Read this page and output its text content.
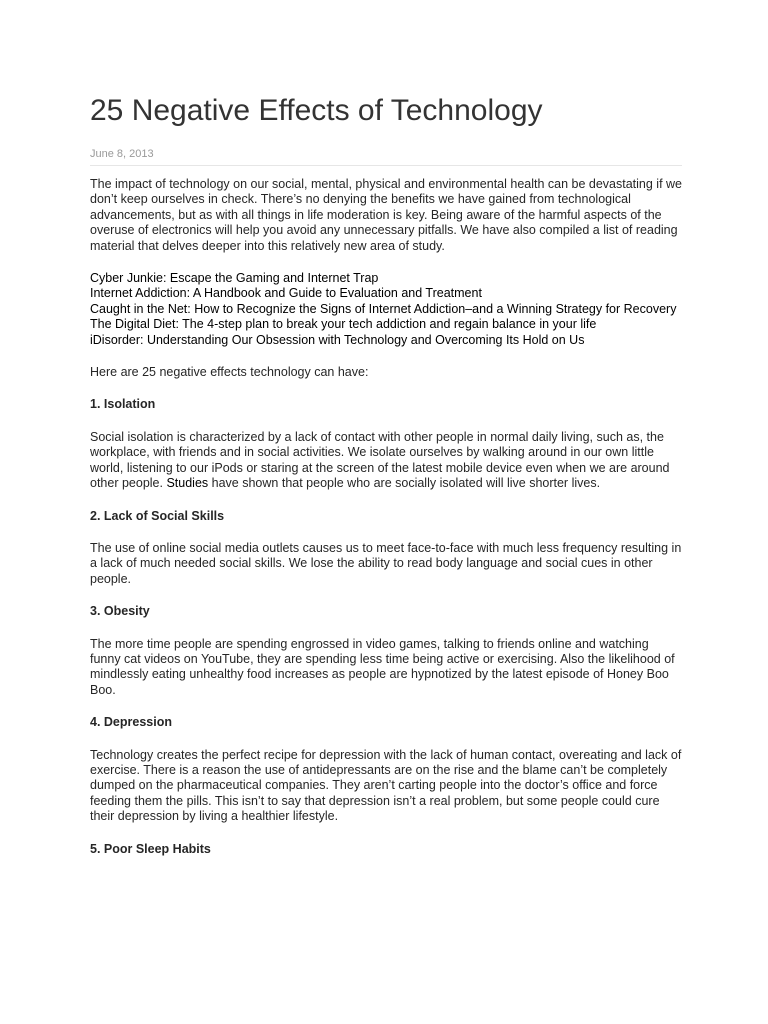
25 Negative Effects of Technology
June 8, 2013

The impact of technology on our social, mental, physical and environmental health can be devastating if we don’t keep ourselves in check. There’s no denying the benefits we have gained from technological advancements, but as with all things in life moderation is key. Being aware of the harmful aspects of the overuse of electronics will help you avoid any unnecessary pitfalls. We have also compiled a list of reading material that delves deeper into this relatively new area of study.

Cyber Junkie: Escape the Gaming and Internet Trap
Internet Addiction: A Handbook and Guide to Evaluation and Treatment
Caught in the Net: How to Recognize the Signs of Internet Addiction–and a Winning Strategy for Recovery
The Digital Diet: The 4-step plan to break your tech addiction and regain balance in your life
iDisorder: Understanding Our Obsession with Technology and Overcoming Its Hold on Us

Here are 25 negative effects technology can have:

1. Isolation

Social isolation is characterized by a lack of contact with other people in normal daily living, such as, the workplace, with friends and in social activities. We isolate ourselves by walking around in our own little world, listening to our iPods or staring at the screen of the latest mobile device even when we are around other people. Studies have shown that people who are socially isolated will live shorter lives.

2. Lack of Social Skills

The use of online social media outlets causes us to meet face-to-face with much less frequency resulting in a lack of much needed social skills. We lose the ability to read body language and social cues in other people.

3. Obesity

The more time people are spending engrossed in video games, talking to friends online and watching funny cat videos on YouTube, they are spending less time being active or exercising. Also the likelihood of mindlessly eating unhealthy food increases as people are hypnotized by the latest episode of Honey Boo Boo.

4. Depression

Technology creates the perfect recipe for depression with the lack of human contact, overeating and lack of exercise. There is a reason the use of antidepressants are on the rise and the blame can’t be completely dumped on the pharmaceutical companies. They aren’t carting people into the doctor’s office and force feeding them the pills. This isn’t to say that depression isn’t a real problem, but some people could cure their depression by living a healthier lifestyle.

5. Poor Sleep Habits
